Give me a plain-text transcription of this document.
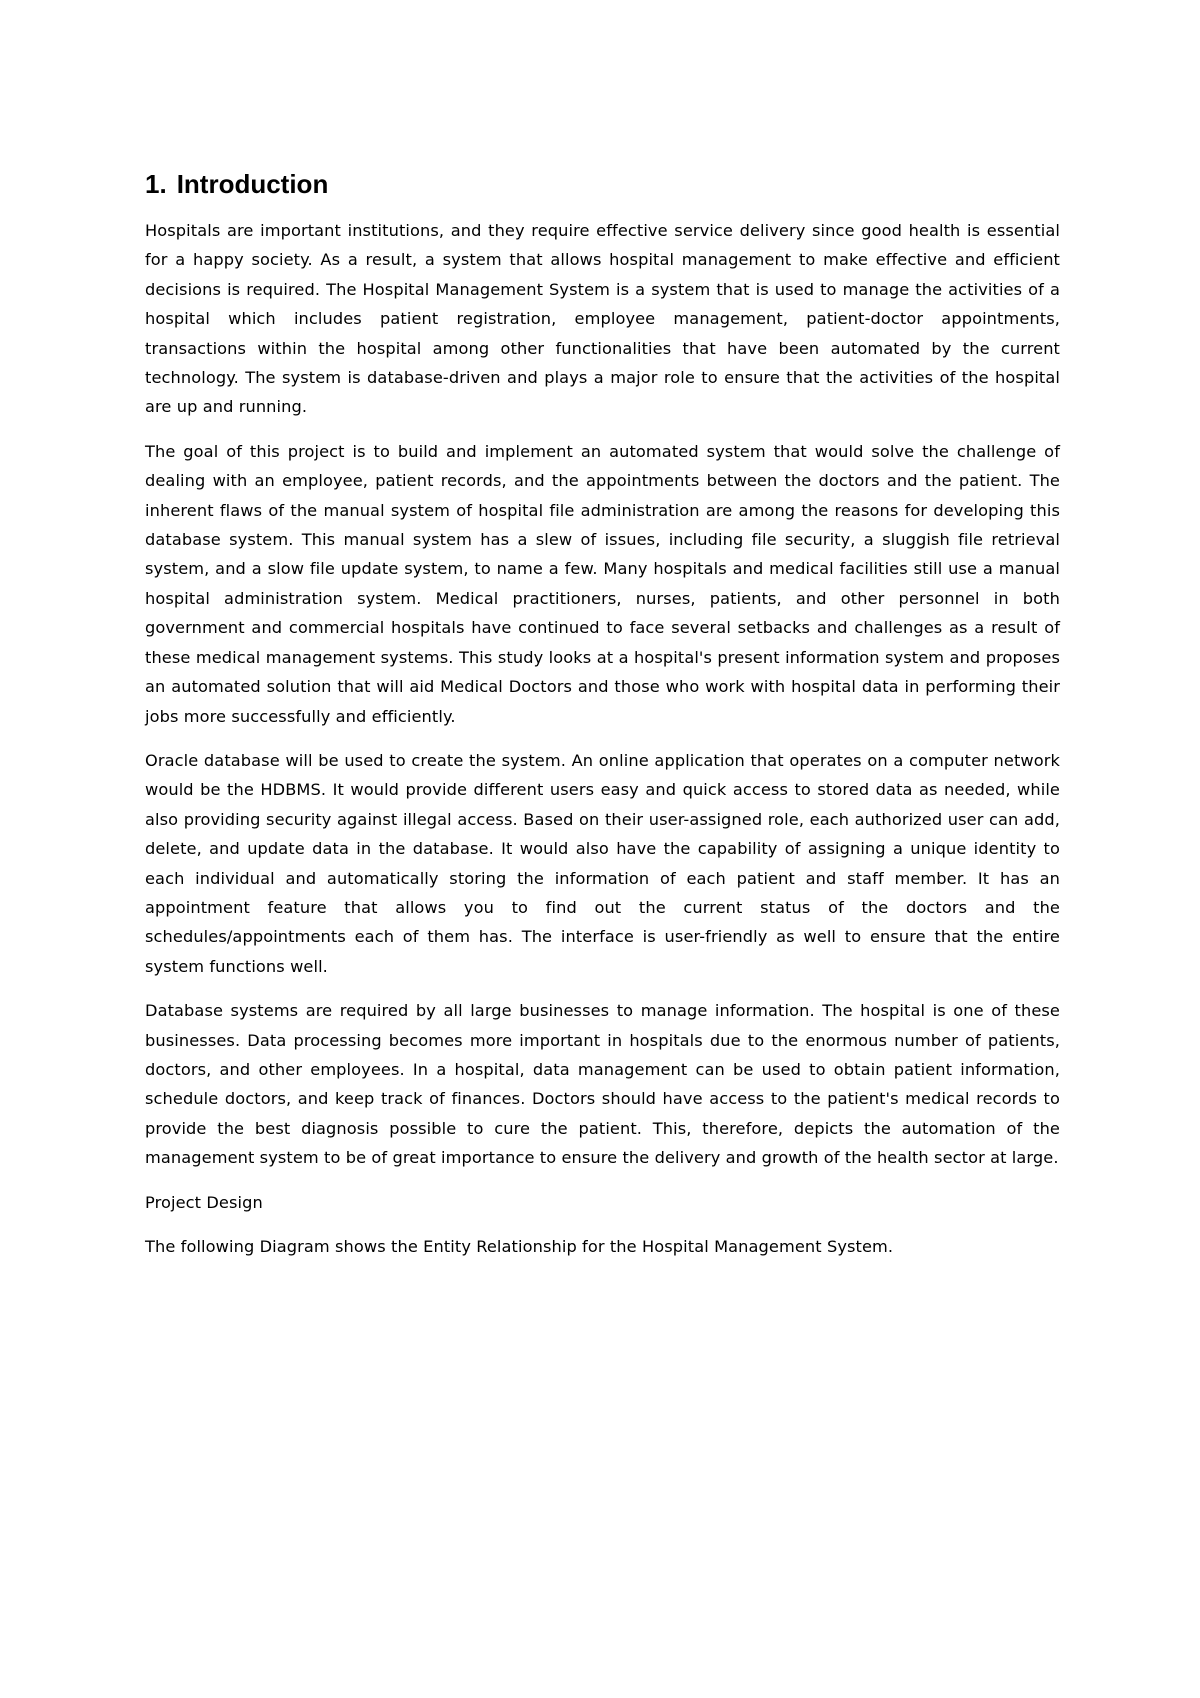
1. Introduction

Hospitals are important institutions, and they require effective service delivery since good health is essential for a happy society. As a result, a system that allows hospital management to make effective and efficient decisions is required. The Hospital Management System is a system that is used to manage the activities of a hospital which includes patient registration, employee management, patient-doctor appointments, transactions within the hospital among other functionalities that have been automated by the current technology. The system is database-driven and plays a major role to ensure that the activities of the hospital are up and running.

The goal of this project is to build and implement an automated system that would solve the challenge of dealing with an employee, patient records, and the appointments between the doctors and the patient. The inherent flaws of the manual system of hospital file administration are among the reasons for developing this database system. This manual system has a slew of issues, including file security, a sluggish file retrieval system, and a slow file update system, to name a few. Many hospitals and medical facilities still use a manual hospital administration system. Medical practitioners, nurses, patients, and other personnel in both government and commercial hospitals have continued to face several setbacks and challenges as a result of these medical management systems. This study looks at a hospital's present information system and proposes an automated solution that will aid Medical Doctors and those who work with hospital data in performing their jobs more successfully and efficiently.

Oracle database will be used to create the system. An online application that operates on a computer network would be the HDBMS. It would provide different users easy and quick access to stored data as needed, while also providing security against illegal access. Based on their user-assigned role, each authorized user can add, delete, and update data in the database. It would also have the capability of assigning a unique identity to each individual and automatically storing the information of each patient and staff member. It has an appointment feature that allows you to find out the current status of the doctors and the schedules/appointments each of them has. The interface is user-friendly as well to ensure that the entire system functions well.

Database systems are required by all large businesses to manage information. The hospital is one of these businesses. Data processing becomes more important in hospitals due to the enormous number of patients, doctors, and other employees. In a hospital, data management can be used to obtain patient information, schedule doctors, and keep track of finances. Doctors should have access to the patient's medical records to provide the best diagnosis possible to cure the patient. This, therefore, depicts the automation of the management system to be of great importance to ensure the delivery and growth of the health sector at large.

Project Design

The following Diagram shows the Entity Relationship for the Hospital Management System.
